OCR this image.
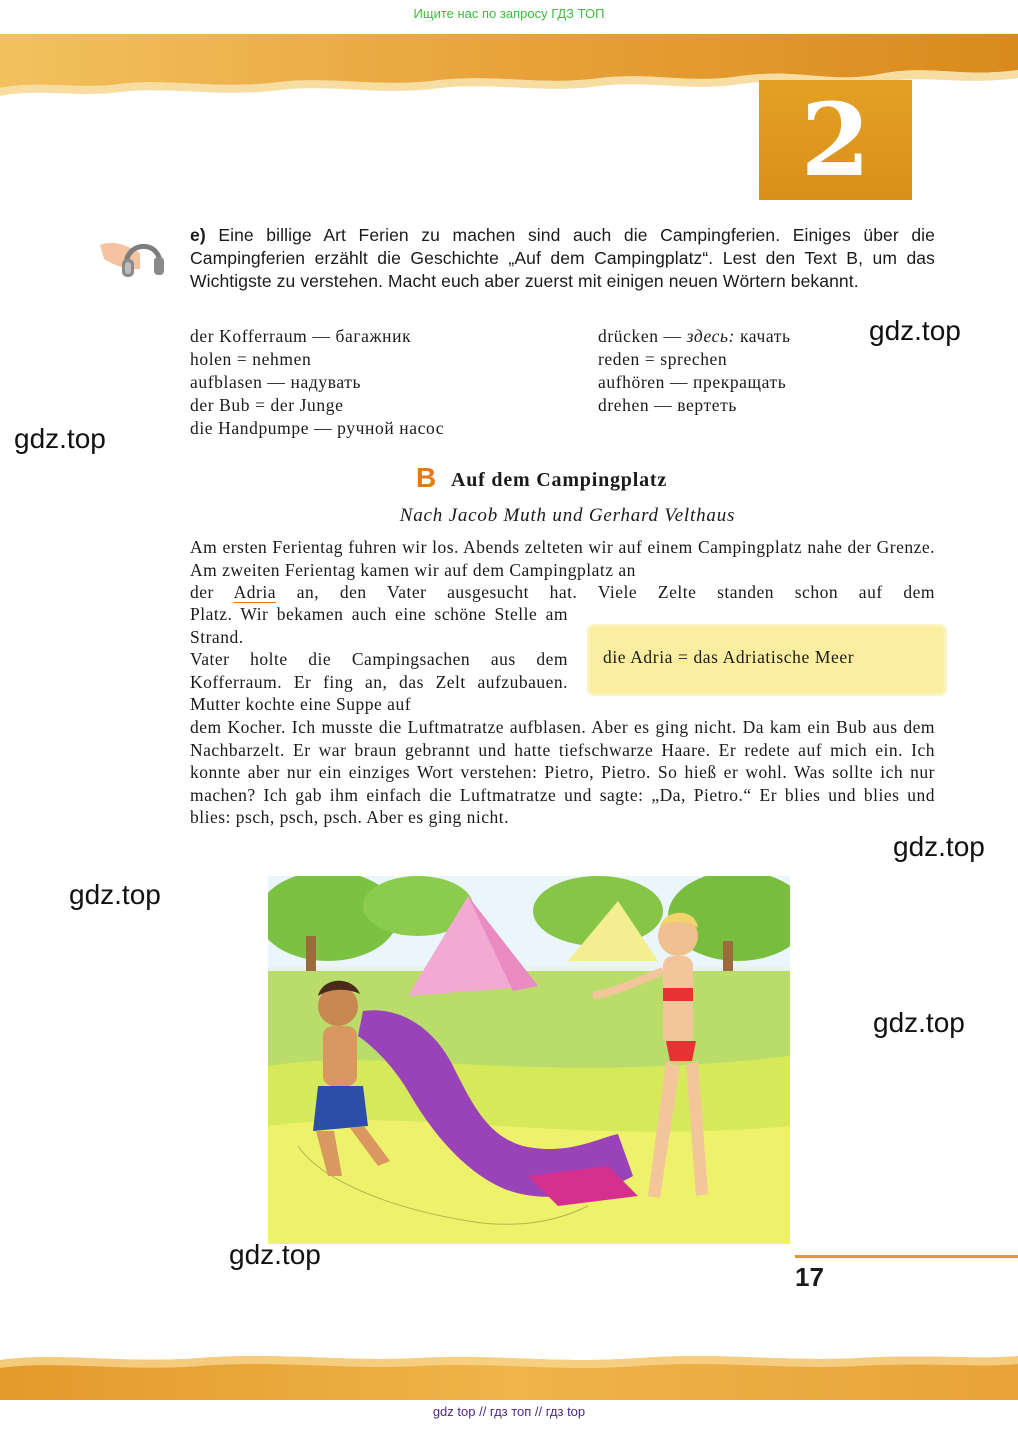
Ищите нас по запросу ГДЗ ТОП
2
e) Eine billige Art Ferien zu machen sind auch die Campingferien. Einiges über die Campingferien erzählt die Geschichte „Auf dem Campingplatz“. Lest den Text B, um das Wichtigste zu verstehen. Macht euch aber zuerst mit einigen neuen Wörtern bekannt.
der Kofferraum — багажник
holen = nehmen
aufblasen — надувать
der Bub = der Junge
die Handpumpe — ручной насос
drücken — здесь: качать
reden = sprechen
aufhören — прекращать
drehen — вертеть
gdz.top
gdz.top
B Auf dem Campingplatz
Nach Jacob Muth und Gerhard Velthaus

Am ersten Ferientag fuhren wir los. Abends zelteten wir auf einem Campingplatz nahe der Grenze. Am zweiten Ferientag kamen wir auf dem Campingplatz an

der Adria an, den Vater ausgesucht hat. Viele Zelte standen schon auf dem

Platz. Wir bekamen auch eine schöne Stelle am Strand.

Vater holte die Campingsachen aus dem Kofferraum. Er fing an, das Zelt aufzubauen. Mutter kochte eine Suppe auf

die Adria = das Adriatische Meer

dem Kocher. Ich musste die Luftmatratze aufblasen. Aber es ging nicht. Da kam ein Bub aus dem Nachbarzelt. Er war braun gebrannt und hatte tiefschwarze Haare. Er redete auf mich ein. Ich konnte aber nur ein einziges Wort verstehen: Pietro, Pietro. So hieß er wohl. Was sollte ich nur machen? Ich gab ihm einfach die Luftmatratze und sagte: „Da, Pietro.“ Er blies und blies und blies: psch, psch, psch. Aber es ging nicht.

gdz.top
gdz.top
gdz.top
gdz.top
17
gdz top // гдз топ // гдз top
